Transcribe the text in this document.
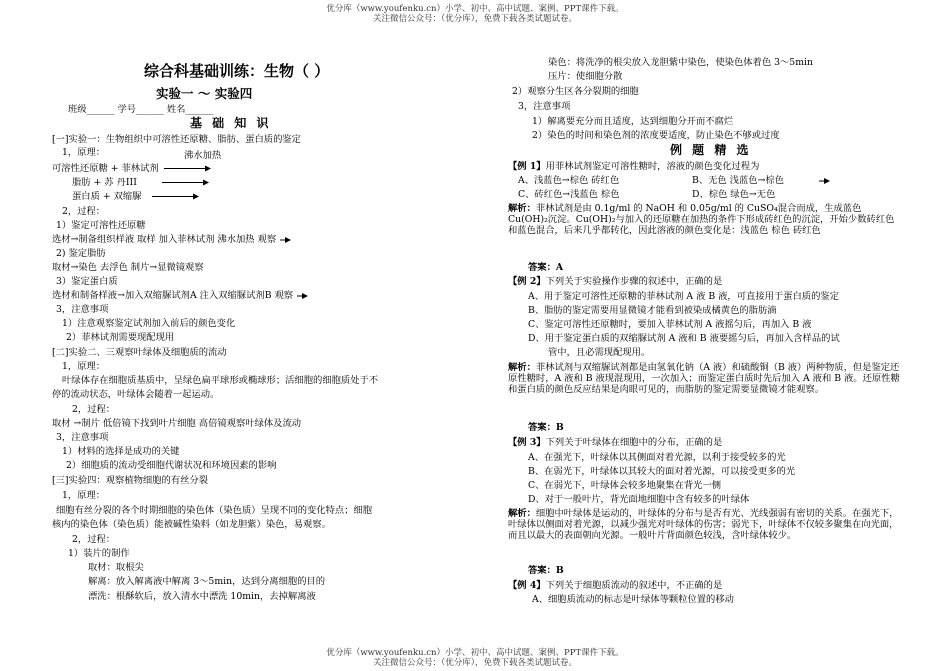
优分库（www.youfenku.cn）小学、初中、高中试题、案例、PPT课件下载。
关注微信公众号：（优分库），免费下载各类试题试卷。
优分库（www.youfenku.cn）小学、初中、高中试题、案例、PPT课件下载。
关注微信公众号：（优分库），免费下载各类试题试卷。
综合科基础训练：生物（ ）
实验一 ～ 实验四
班级______ 学号______ 姓名______
基 础 知 识
[一]实验一：生物组织中可溶性还原糖、脂肪、蛋白质的鉴定
1，原理：	沸水加热
可溶性还原糖 + 菲林试剂
脂肪 + 苏 丹III
蛋白质 + 双缩脲
2，过程：
1）鉴定可溶性还原糖
选材→制备组织样液 取样 加入菲林试剂 沸水加热 观察
2) 鉴定脂肪
取材→染色 去浮色 制片→显微镜观察
3）鉴定蛋白质
选材和制备样液→加入双缩脲试剂A 注入双缩脲试剂B 观察
3，注意事项
1）注意观察鉴定试剂加入前后的颜色变化
2）菲林试剂需要现配现用
[二]实验二、三观察叶绿体及细胞质的流动
1，原理：
叶绿体存在细胞质基质中，呈绿色扁平球形或椭球形；活细胞的细胞质处于不
停的流动状态，叶绿体会随着一起运动。
2，过程：
取材 →制片 低倍镜下找到叶片细胞 高倍镜观察叶绿体及流动
3，注意事项
1）材料的选择是成功的关键
2）细胞质的流动受细胞代谢状况和环境因素的影响
[三]实验四：观察植物细胞的有丝分裂
1，原理：
细胞有丝分裂的各个时期细胞的染色体（染色质）呈现不同的变化特点；细胞
核内的染色体（染色质）能被碱性染料（如龙胆紫）染色，易观察。
2，过程：
1）装片的制作
取材：取根尖
解离：放入解离液中解离 3～5min，达到分离细胞的目的
漂洗：根酥软后，放入清水中漂洗 10min，去掉解离液
染色：将洗净的根尖放入龙胆紫中染色，使染色体着色 3～5min
压片：使细胞分散
2）观察分生区各分裂期的细胞
3，注意事项
1）解离要充分而且适度，达到细胞分开而不腐烂
2）染色的时间和染色剂的浓度要适度，防止染色不够或过度
例 题 精 选
【例 1】用菲林试剂鉴定可溶性糖时，溶液的颜色变化过程为
A、浅蓝色→棕色 砖红色	B、无色 浅蓝色→棕色
C、砖红色→浅蓝色 棕色	D、棕色 绿色→无色
解析：菲林试剂是由 0.1g/ml 的 NaOH 和 0.05g/ml 的 CuSO₄混合而成，生成蓝色 Cu(OH)₂沉淀。Cu(OH)₂与加入的还原糖在加热的条件下形成砖红色的沉淀，开始少数砖红色和蓝色混合，后来几乎都转化，因此溶液的颜色变化是：浅蓝色 棕色 砖红色
答案：A
【例 2】下列关于实验操作步骤的叙述中，正确的是
A、用于鉴定可溶性还原糖的菲林试剂 A 液 B 液，可直接用于蛋白质的鉴定
B、脂肪的鉴定需要用显微镜才能看到被染成橘黄色的脂肪滴
C、鉴定可溶性还原糖时，要加入菲林试剂 A 液摇匀后，再加入 B 液
D、用于鉴定蛋白质的双缩脲试剂 A 液和 B 液要摇匀后，再加入含样品的试
管中，且必需现配现用。
解析：菲林试剂与双缩脲试剂都是由氢氧化钠（A 液）和硫酸铜（B 液）两种物质，但是鉴定还原性糖时，A 液和 B 液现混现用，一次加入；而鉴定蛋白质时先后加入 A 液和 B 液。还原性糖和蛋白质的颜色反应结果是肉眼可见的，而脂肪的鉴定需要显微镜才能观察。
答案：B
【例 3】下列关于叶绿体在细胞中的分布，正确的是
A、在强光下，叶绿体以其侧面对着光源，以利于接受较多的光
B、在弱光下，叶绿体以其较大的面对着光源，可以接受更多的光
C、在弱光下，叶绿体会较多地聚集在背光一侧
D、对于一般叶片，背光面地细胞中含有较多的叶绿体
解析：细胞中叶绿体是运动的，叶绿体的分布与是否有光、光线强弱有密切的关系。在强光下，叶绿体以侧面对着光源，以减少强光对叶绿体的伤害；弱光下，叶绿体不仅较多聚集在向光面，而且以最大的表面朝向光源。一般叶片背面颜色较浅，含叶绿体较少。
答案：B
【例 4】下列关于细胞质流动的叙述中，不正确的是
A、细胞质流动的标志是叶绿体等颗粒位置的移动
